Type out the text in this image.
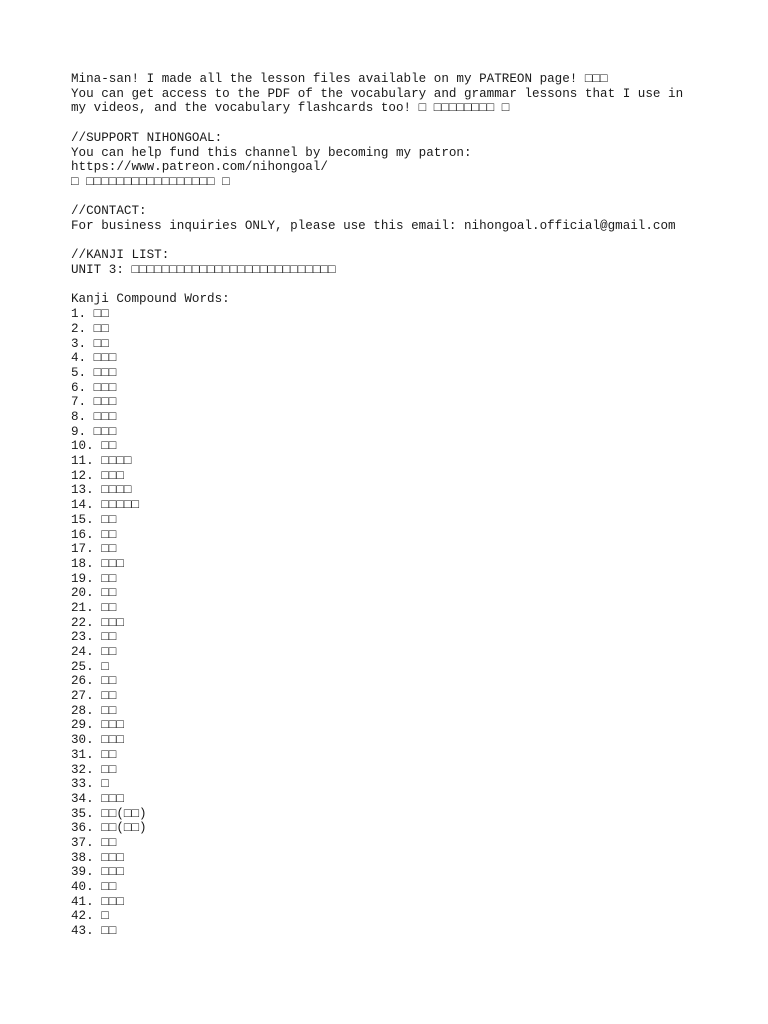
Mina-san! I made all the lesson files available on my PATREON page! □□□
You can get access to the PDF of the vocabulary and grammar lessons that I use in
my videos, and the vocabulary flashcards too! □ □□□□□□□□ □
//SUPPORT NIHONGOAL:
You can help fund this channel by becoming my patron:
https://www.patreon.com/nihongoal/
□ □□□□□□□□□□□□□□□□□ □
//CONTACT:
For business inquiries ONLY, please use this email: nihongoal.official@gmail.com
//KANJI LIST:
UNIT 3: □□□□□□□□□□□□□□□□□□□□□□□□□□□
Kanji Compound Words:
1. □□
2. □□
3. □□
4. □□□
5. □□□
6. □□□
7. □□□
8. □□□
9. □□□
10. □□
11. □□□□
12. □□□
13. □□□□
14. □□□□□
15. □□
16. □□
17. □□
18. □□□
19. □□
20. □□
21. □□
22. □□□
23. □□
24. □□
25. □
26. □□
27. □□
28. □□
29. □□□
30. □□□
31. □□
32. □□
33. □
34. □□□
35. □□(□□)
36. □□(□□)
37. □□
38. □□□
39. □□□
40. □□
41. □□□
42. □
43. □□
